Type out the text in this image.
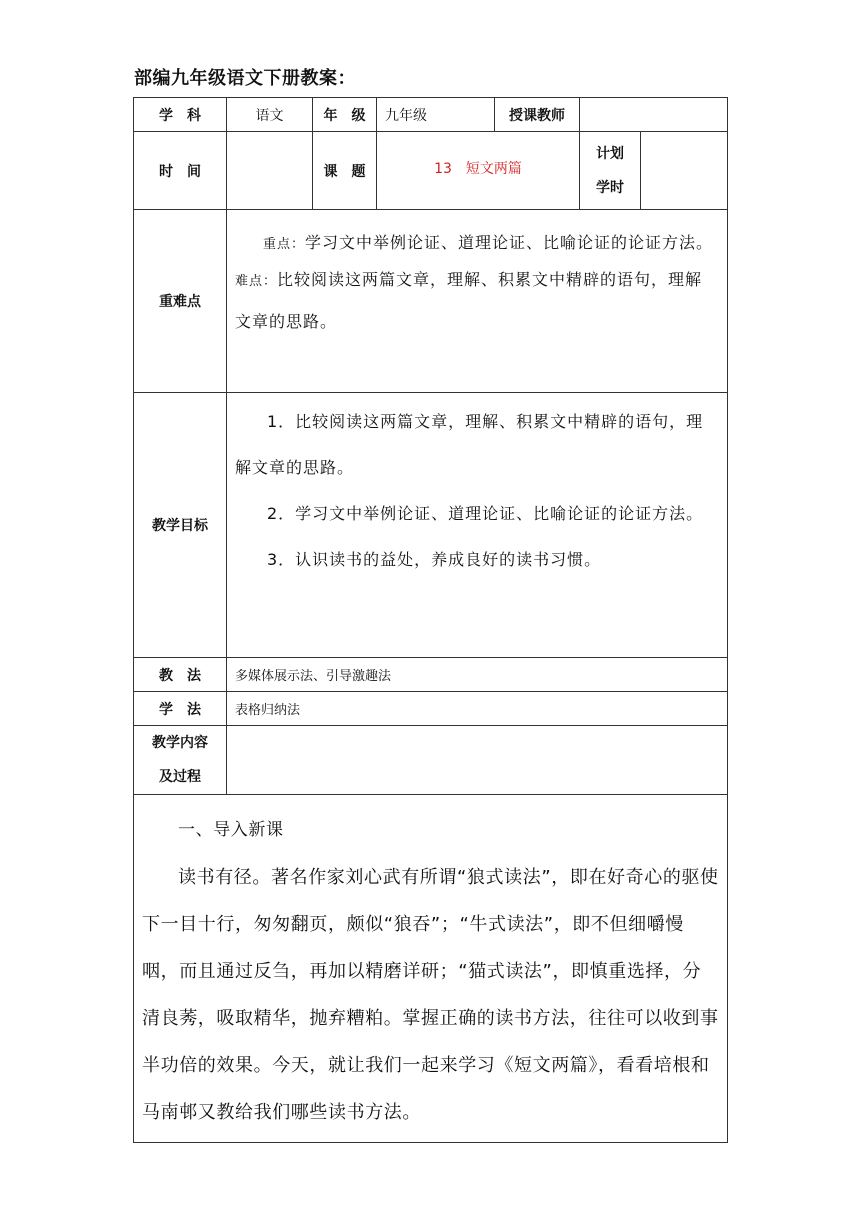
部编九年级语文下册教案：
学　科	语文	年　级	九年级	授课教师		
时　间		课　题	13　短文两篇		计划
学时	

重难点	重点：学习文中举例论证、道理论证、比喻论证的论证方法。
难点：比较阅读这两篇文章，理解、积累文中精辟的语句，理解文章的思路。					

教学目标	1．比较阅读这两篇文章，理解、积累文中精辟的语句，理解文章的思路。
2．学习文中举例论证、道理论证、比喻论证的论证方法。
3．认识读书的益处，养成良好的读书习惯。					

教　法	多媒体展示法、引导激趣法					
学　法	表格归纳法					

教学内容
及过程						

一、导入新课

读书有径。著名作家刘心武有所谓“狼式读法”，即在好奇心的驱使下一目十行，匆匆翻页，颇似“狼吞”；“牛式读法”，即不但细嚼慢咽，而且通过反刍，再加以精磨详研；“猫式读法”，即慎重选择，分清良莠，吸取精华，抛弃糟粕。掌握正确的读书方法，往往可以收到事半功倍的效果。今天，就让我们一起来学习《短文两篇》，看看培根和马南邨又教给我们哪些读书方法。						
